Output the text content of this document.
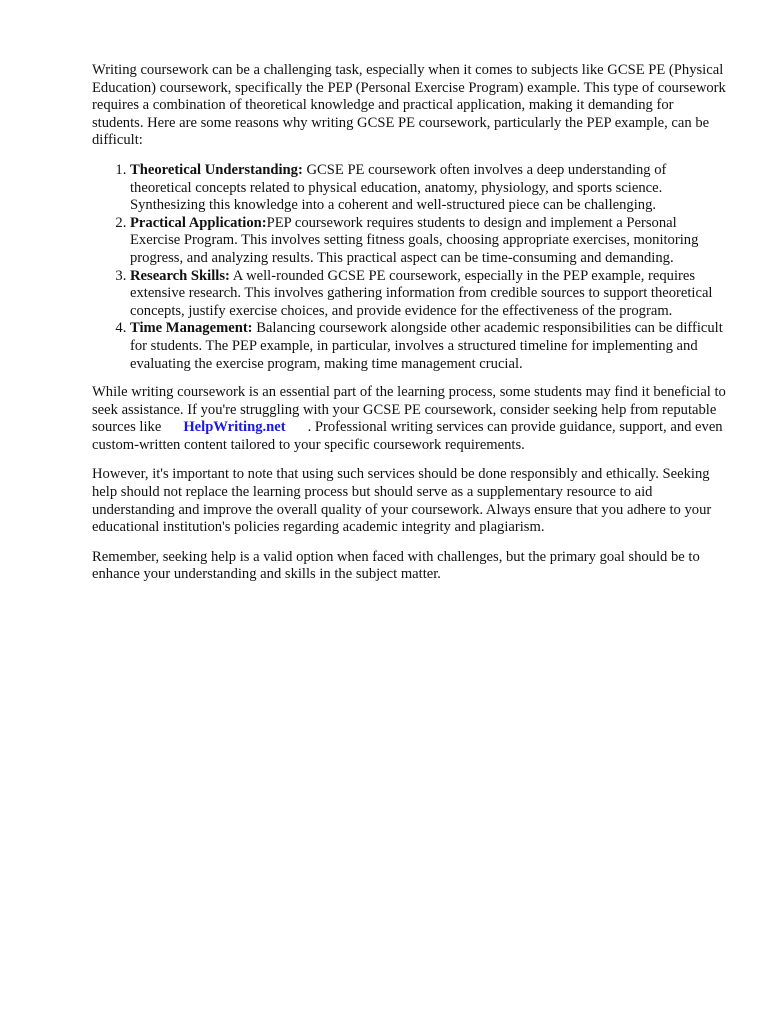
Writing coursework can be a challenging task, especially when it comes to subjects like GCSE PE (Physical Education) coursework, specifically the PEP (Personal Exercise Program) example. This type of coursework requires a combination of theoretical knowledge and practical application, making it demanding for students. Here are some reasons why writing GCSE PE coursework, particularly the PEP example, can be difficult:

1. Theoretical Understanding: GCSE PE coursework often involves a deep understanding of theoretical concepts related to physical education, anatomy, physiology, and sports science. Synthesizing this knowledge into a coherent and well-structured piece can be challenging.
2. Practical Application:PEP coursework requires students to design and implement a Personal Exercise Program. This involves setting fitness goals, choosing appropriate exercises, monitoring progress, and analyzing results. This practical aspect can be time-consuming and demanding.
3. Research Skills: A well-rounded GCSE PE coursework, especially in the PEP example, requires extensive research. This involves gathering information from credible sources to support theoretical concepts, justify exercise choices, and provide evidence for the effectiveness of the program.
4. Time Management: Balancing coursework alongside other academic responsibilities can be difficult for students. The PEP example, in particular, involves a structured timeline for implementing and evaluating the exercise program, making time management crucial.

While writing coursework is an essential part of the learning process, some students may find it beneficial to seek assistance. If you're struggling with your GCSE PE coursework, consider seeking help from reputable sources like HelpWriting.net . Professional writing services can provide guidance, support, and even custom-written content tailored to your specific coursework requirements.

However, it's important to note that using such services should be done responsibly and ethically. Seeking help should not replace the learning process but should serve as a supplementary resource to aid understanding and improve the overall quality of your coursework. Always ensure that you adhere to your educational institution's policies regarding academic integrity and plagiarism.

Remember, seeking help is a valid option when faced with challenges, but the primary goal should be to enhance your understanding and skills in the subject matter.
